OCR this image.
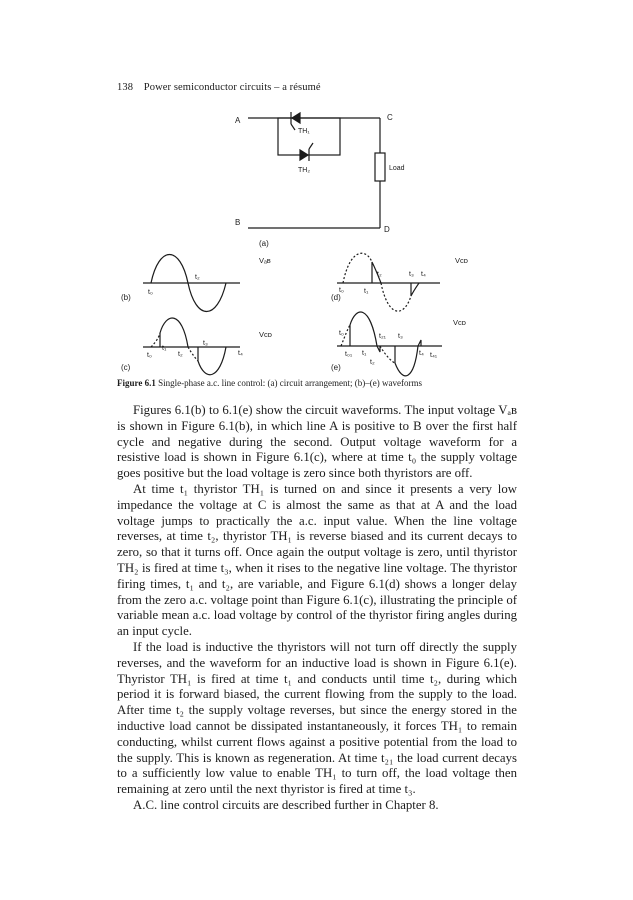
138 Power semiconductor circuits – a résumé
A	C
B
D
TH₁
TH₂	Load
(a)
Vₐʙ
t₀
t₂
(b)
Vᴄᴅ
t₀
t₁
t₂
t₃
t₄
(c)
Vᴄᴅ
t₀	t₁
t₂	t₃ t₄
(d)
Vᴄᴅ
t₀
t₀₁ t₁
t₂
t₂₁ t₃
t₄ t₄₁
(e)
Figure 6.1 Single-phase a.c. line control: (a) circuit arrangement; (b)–(e) waveforms

Figures 6.1(b) to 6.1(e) show the circuit waveforms. The input voltage Vₐʙ is shown in Figure 6.1(b), in which line A is positive to B over the first half cycle and negative during the second. Output voltage waveform for a resistive load is shown in Figure 6.1(c), where at time t₀ the supply voltage goes positive but the load voltage is zero since both thyristors are off.

At time t₁ thyristor TH₁ is turned on and since it presents a very low impedance the voltage at C is almost the same as that at A and the load voltage jumps to practically the a.c. input value. When the line voltage reverses, at time t₂, thyristor TH₁ is reverse biased and its current decays to zero, so that it turns off. Once again the output voltage is zero, until thyristor TH₂ is fired at time t₃, when it rises to the negative line voltage. The thyristor firing times, t₁ and t₂, are variable, and Figure 6.1(d) shows a longer delay from the zero a.c. voltage point than Figure 6.1(c), illustrating the principle of variable mean a.c. load voltage by control of the thyristor firing angles during an input cycle.

If the load is inductive the thyristors will not turn off directly the supply reverses, and the waveform for an inductive load is shown in Figure 6.1(e). Thyristor TH₁ is fired at time t₁ and conducts until time t₂, during which period it is forward biased, the current flowing from the supply to the load. After time t₂ the supply voltage reverses, but since the energy stored in the inductive load cannot be dissipated instantaneously, it forces TH₁ to remain conducting, whilst current flows against a positive potential from the load to the supply. This is known as regeneration. At time t₂₁ the load current decays to a sufficiently low value to enable TH₁ to turn off, the load voltage then remaining at zero until the next thyristor is fired at time t₃.

A.C. line control circuits are described further in Chapter 8.
